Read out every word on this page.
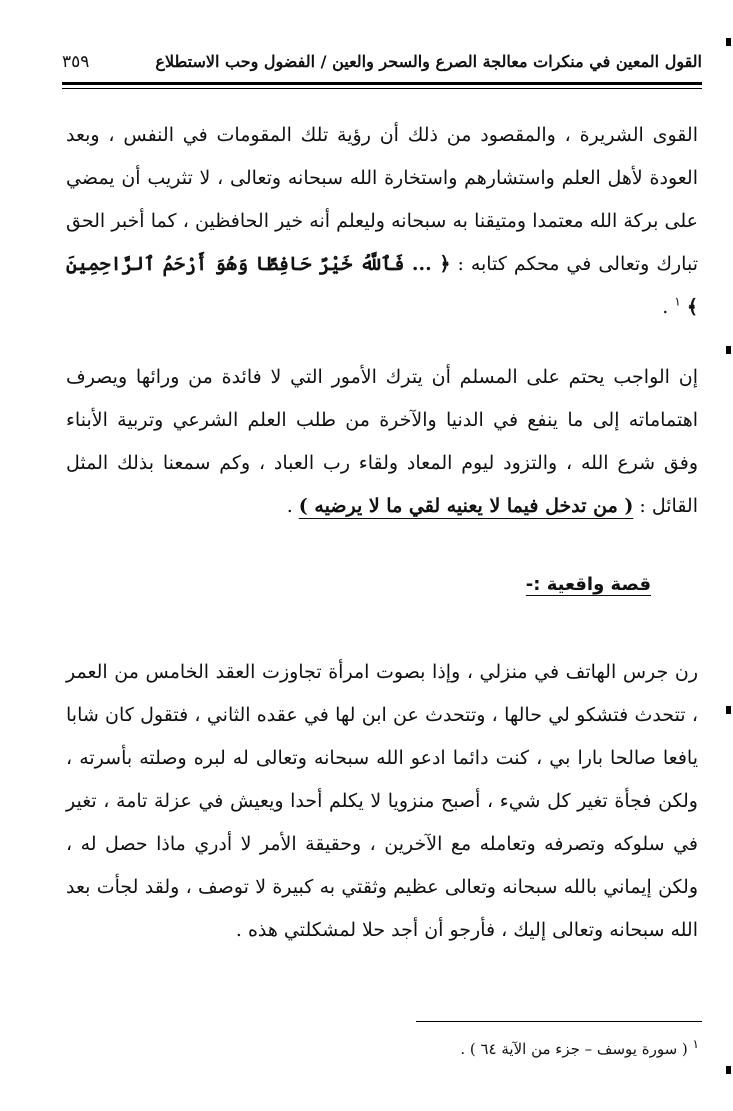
القول المعين في منكرات معالجة الصرع والسحر والعين / الفضول وحب الاستطلاع
٣٥٩
القوى الشريرة ، والمقصود من ذلك أن رؤية تلك المقومات في النفس ، وبعد العودة لأهل العلم واستشارهم واستخارة الله سبحانه وتعالى ، لا تثريب أن يمضي على بركة الله معتمدا ومتيقنا به سبحانه وليعلم أنه خير الحافظين ، كما أخبر الحق تبارك وتعالى في محكم كتابه : ﴿ ... فَٱللَّهُ خَيْرٌ حَافِظًا وَهُوَ أَرْحَمُ ٱلرَّاحِمِينَ ﴾ $^١$ .
إن الواجب يحتم على المسلم أن يترك الأمور التي لا فائدة من ورائها ويصرف اهتماماته إلى ما ينفع في الدنيا والآخرة من طلب العلم الشرعي وتربية الأبناء وفق شرع الله ، والتزود ليوم المعاد ولقاء رب العباد ، وكم سمعنا بذلك المثل القائل : ( من تدخل فيما لا يعنيه لقي ما لا يرضيه ) .
قصة واقعية :-
رن جرس الهاتف في منزلي ، وإذا بصوت امرأة تجاوزت العقد الخامس من العمر ، تتحدث فتشكو لي حالها ، وتتحدث عن ابن لها في عقده الثاني ، فتقول كان شابا يافعا صالحا بارا بي ، كنت دائما ادعو الله سبحانه وتعالى له لبره وصلته بأسرته ، ولكن فجأة تغير كل شيء ، أصبح منزويا لا يكلم أحدا ويعيش في عزلة تامة ، تغير في سلوكه وتصرفه وتعامله مع الآخرين ، وحقيقة الأمر لا أدري ماذا حصل له ، ولكن إيماني بالله سبحانه وتعالى عظيم وثقتي به كبيرة لا توصف ، ولقد لجأت بعد الله سبحانه وتعالى إليك ، فأرجو أن أجد حلا لمشكلتي هذه .
$^١$ ( سورة يوسف – جزء من الآية ٦٤ ) .
